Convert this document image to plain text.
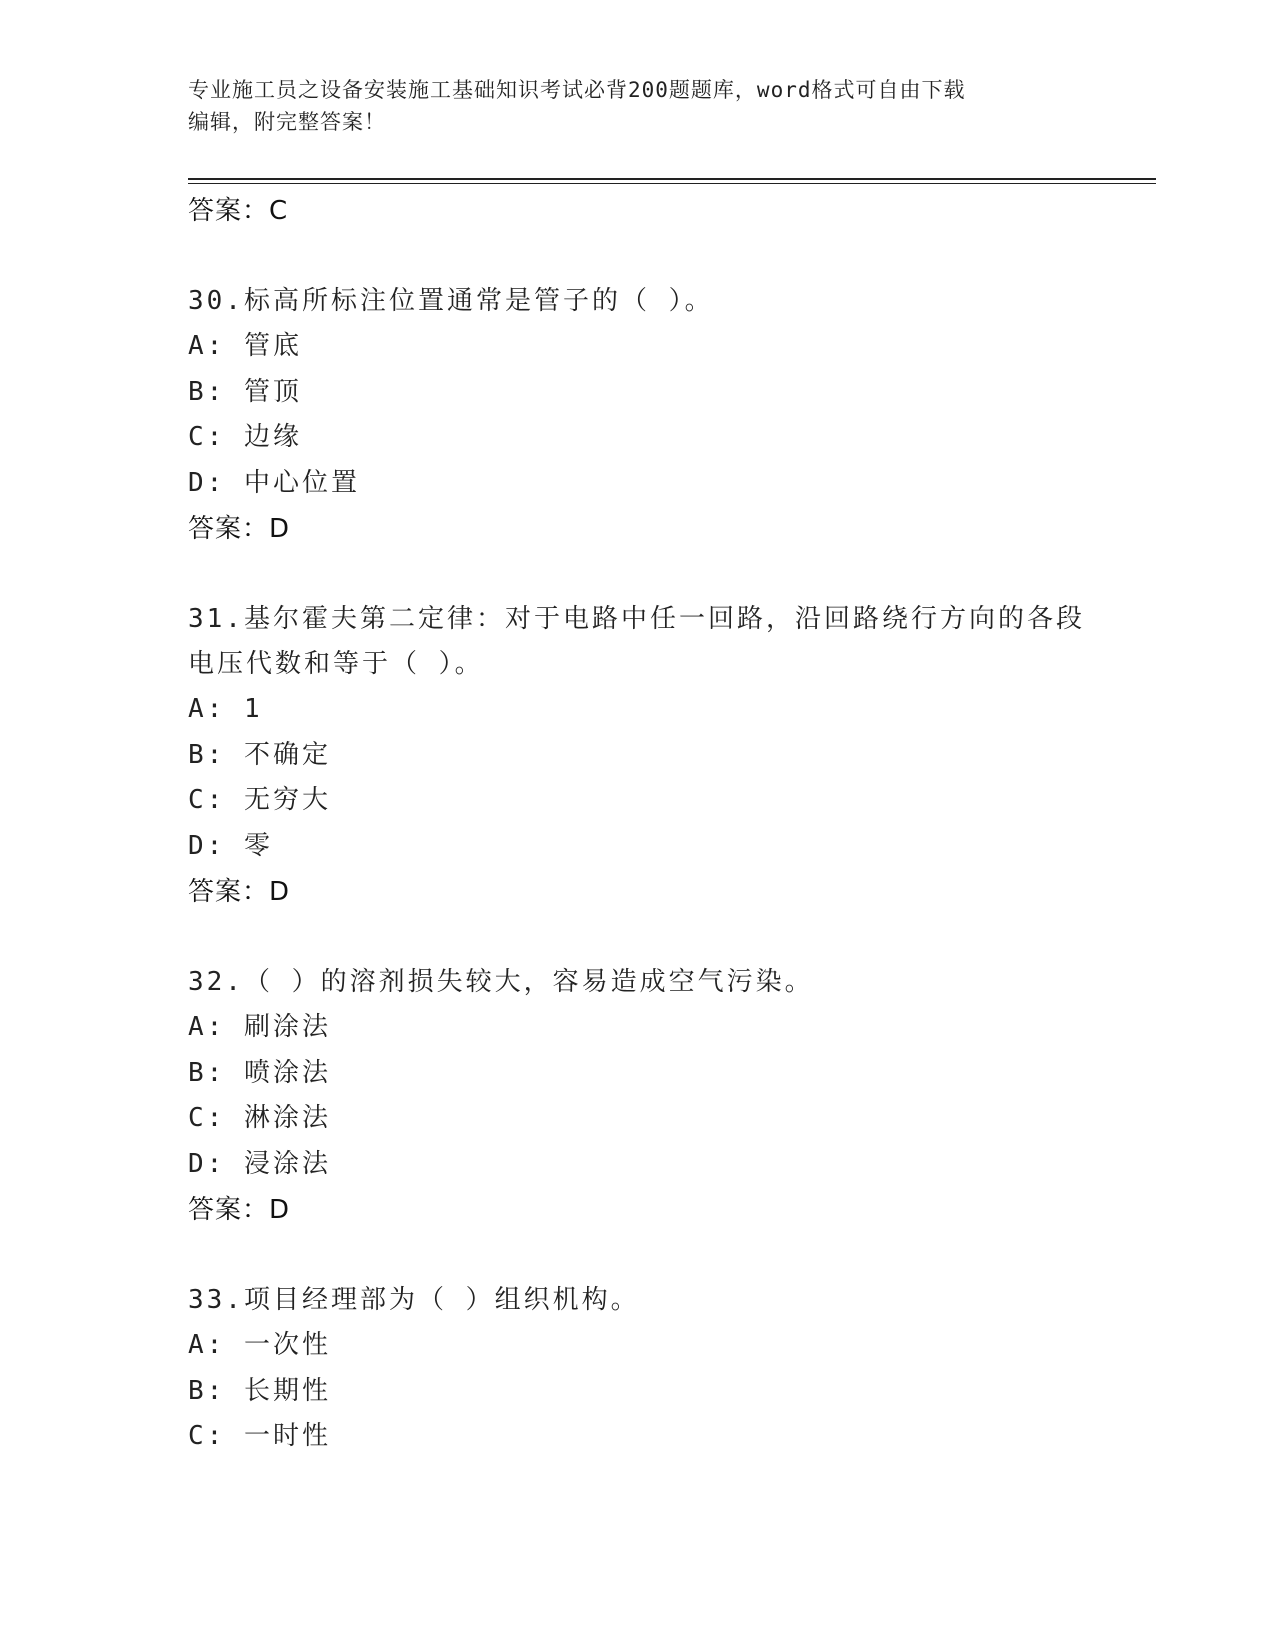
专业施工员之设备安装施工基础知识考试必背200题题库，word格式可自由下载
编辑，附完整答案！
答案：C
30.标高所标注位置通常是管子的（ ）。
A: 管底
B: 管顶
C: 边缘
D: 中心位置
答案：D
31.基尔霍夫第二定律：对于电路中任一回路，沿回路绕行方向的各段
电压代数和等于（ ）。
A: 1
B: 不确定
C: 无穷大
D: 零
答案：D
32.（ ）的溶剂损失较大，容易造成空气污染。
A: 刷涂法
B: 喷涂法
C: 淋涂法
D: 浸涂法
答案：D
33.项目经理部为（ ）组织机构。
A: 一次性
B: 长期性
C: 一时性
